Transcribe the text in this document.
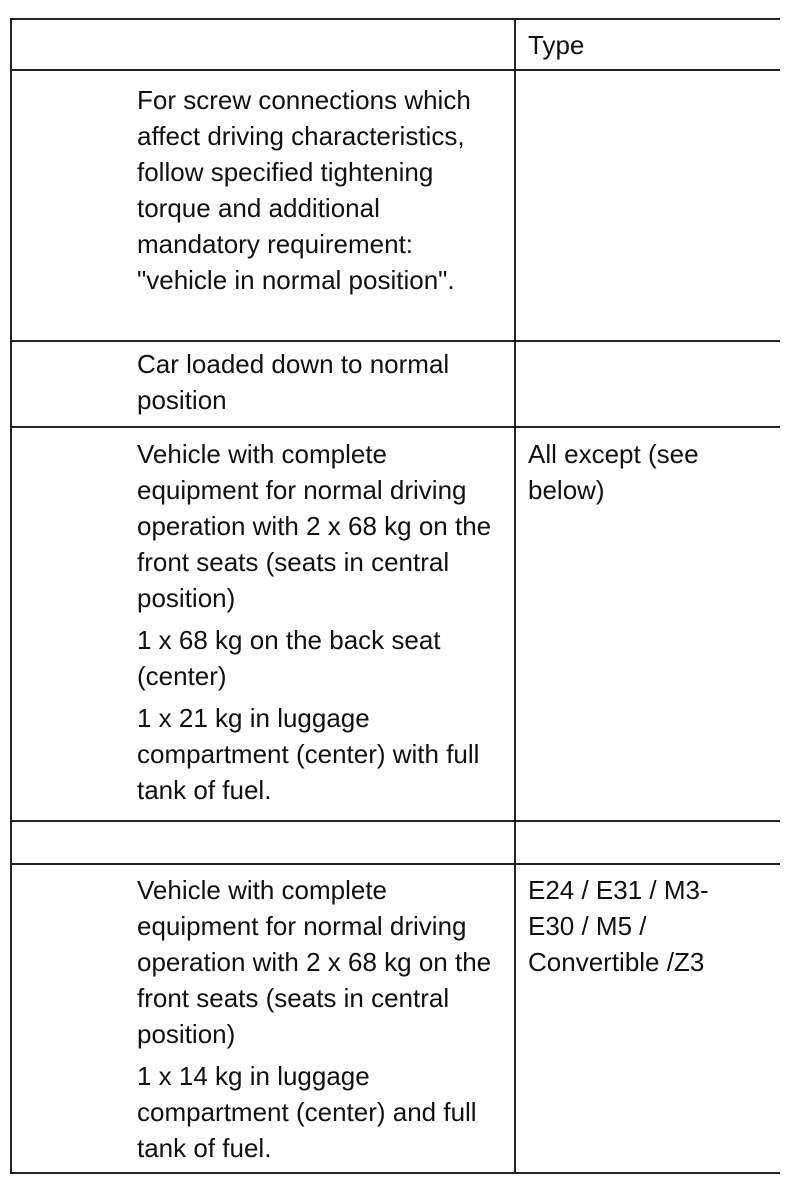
Type

For screw connections which affect driving characteristics, follow specified tightening torque and additional mandatory requirement: "vehicle in normal position".

Car loaded down to normal position

Vehicle with complete equipment for normal driving operation with 2 x 68 kg on the front seats (seats in central position)

1 x 68 kg on the back seat (center)

1 x 21 kg in luggage compartment (center) with full tank of fuel.

All except (see below)

Vehicle with complete equipment for normal driving operation with 2 x 68 kg on the front seats (seats in central position)

1 x 14 kg in luggage compartment (center) and full tank of fuel.

E24 / E31 / M3-E30 / M5 / Convertible /Z3
